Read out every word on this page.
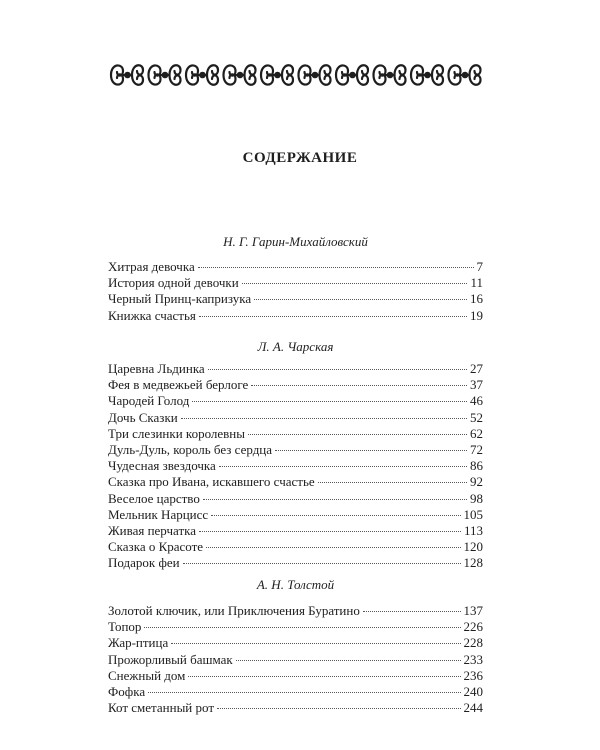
СОДЕРЖАНИЕ
Н. Г. Гарин-Михайловский
Хитрая девочка	7
История одной девочки	11
Черный Принц-капризука	16
Книжка счастья	19
Л. А. Чарская
Царевна Льдинка	27
Фея в медвежьей берлоге	37
Чародей Голод	46
Дочь Сказки	52
Три слезинки королевны	62
Дуль-Дуль, король без сердца	72
Чудесная звездочка	86
Сказка про Ивана, искавшего счастье	92
Веселое царство	98
Мельник Нарцисс	105
Живая перчатка	113
Сказка о Красоте	120
Подарок феи	128
А. Н. Толстой
Золотой ключик, или Приключения Буратино	137
Топор	226
Жар-птица	228
Прожорливый башмак	233
Снежный дом	236
Фофка	240
Кот сметанный рот	244
